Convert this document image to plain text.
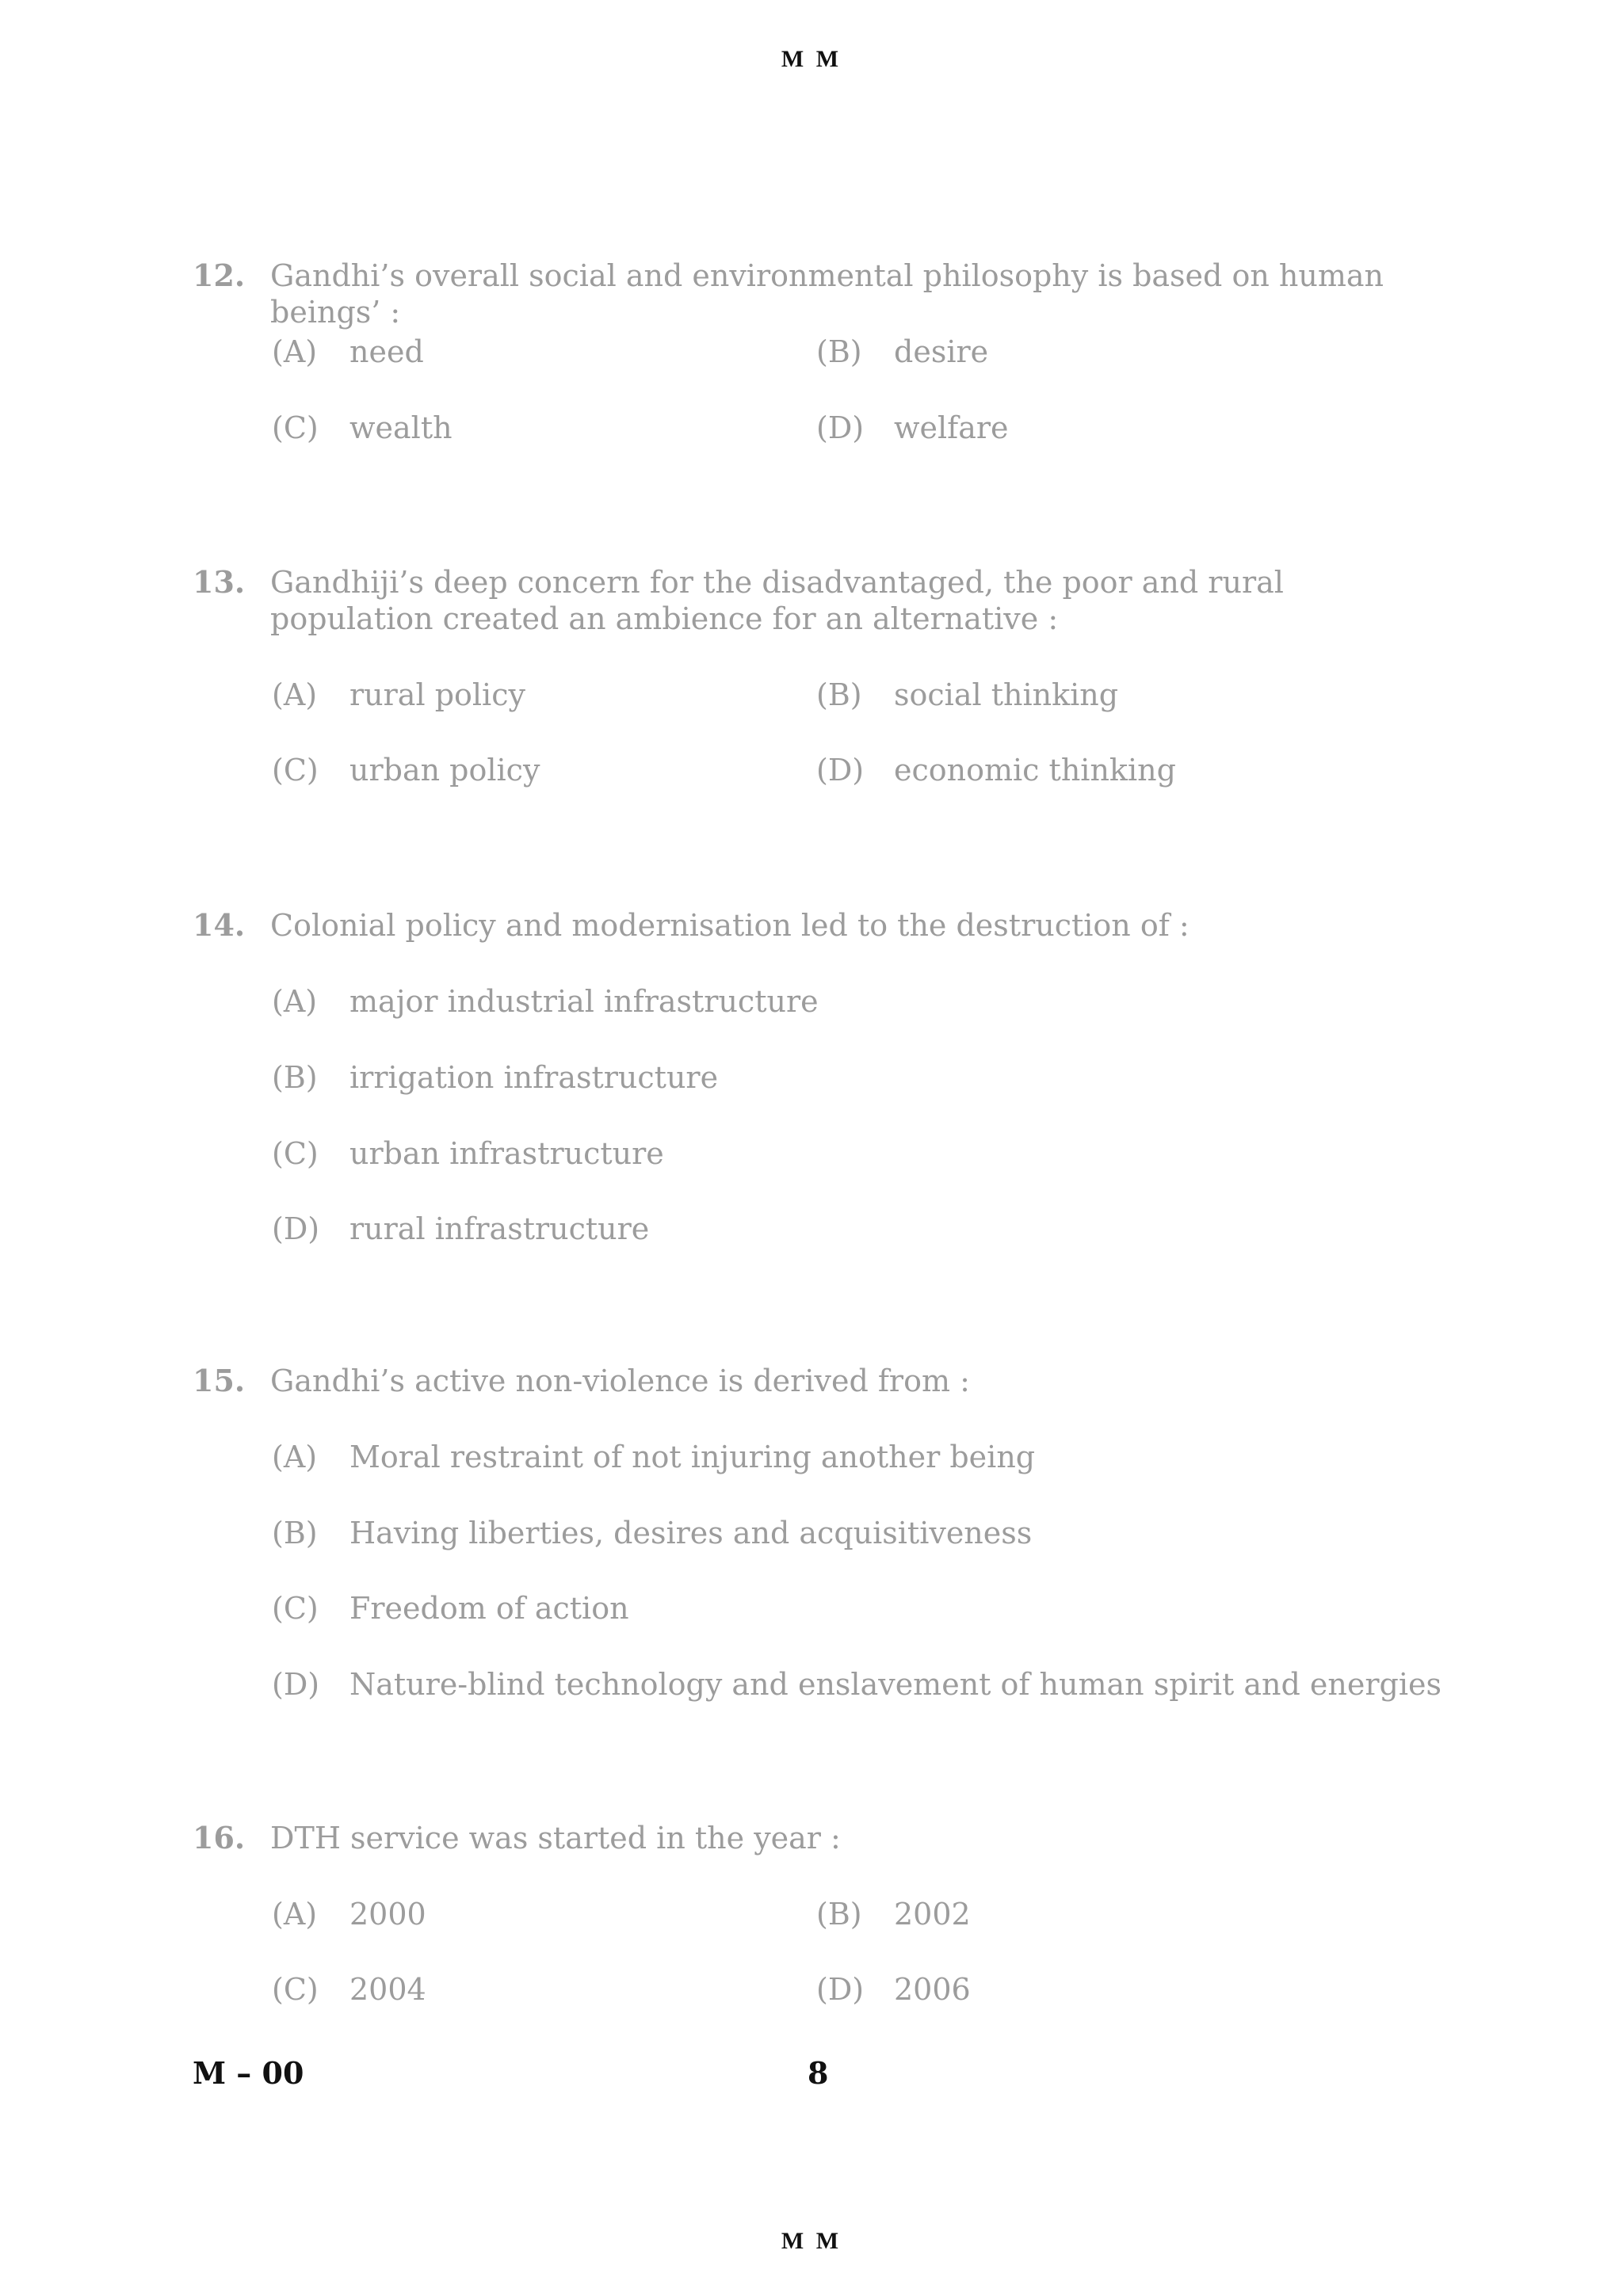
M M
12. Gandhi’s overall social and environmental philosophy is based on human beings’ :
(A) need	(B) desire
(C) wealth	(D) welfare
13. Gandhiji’s deep concern for the disadvantaged, the poor and rural population created an ambience for an alternative :
(A) rural policy	(B) social thinking
(C) urban policy	(D) economic thinking
14. Colonial policy and modernisation led to the destruction of :
(A) major industrial infrastructure
(B) irrigation infrastructure
(C) urban infrastructure
(D) rural infrastructure
15. Gandhi’s active non-violence is derived from :
(A) Moral restraint of not injuring another being
(B) Having liberties, desires and acquisitiveness
(C) Freedom of action
(D) Nature-blind technology and enslavement of human spirit and energies
16. DTH service was started in the year :
(A) 2000	(B) 2002
(C) 2004	(D) 2006
M – 00	8
M M
